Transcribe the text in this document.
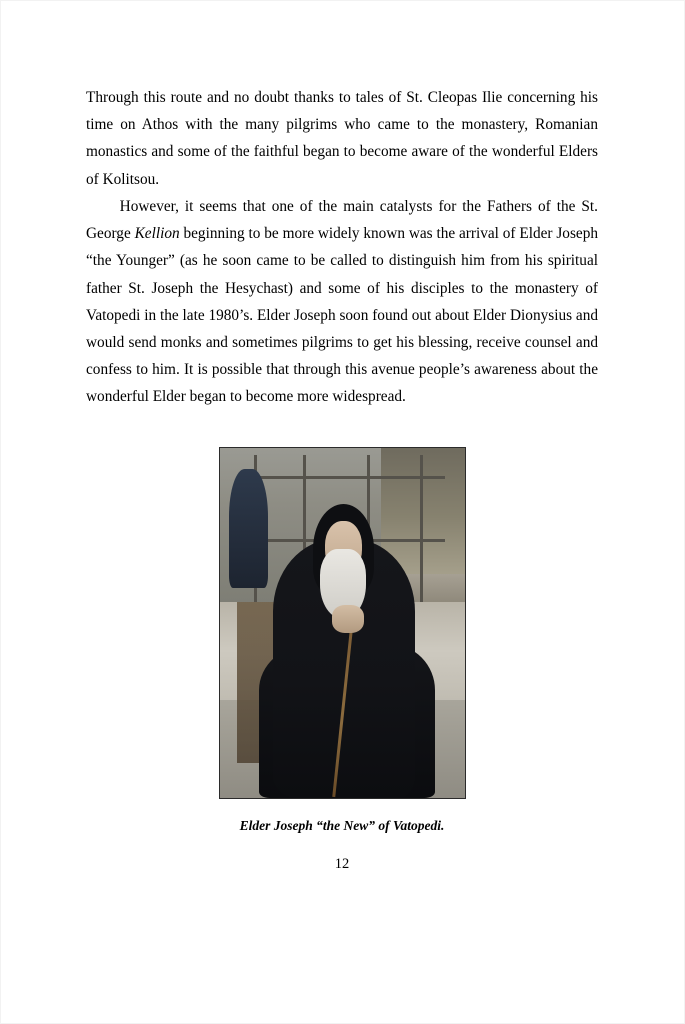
Through this route and no doubt thanks to tales of St. Cleopas Ilie concerning his time on Athos with the many pilgrims who came to the monastery, Romanian monastics and some of the faithful began to become aware of the wonderful Elders of Kolitsou.

However, it seems that one of the main catalysts for the Fathers of the St. George Kellion beginning to be more widely known was the arrival of Elder Joseph “the Younger” (as he soon came to be called to distinguish him from his spiritual father St. Joseph the Hesychast) and some of his disciples to the monastery of Vatopedi in the late 1980’s. Elder Joseph soon found out about Elder Dionysius and would send monks and sometimes pilgrims to get his blessing, receive counsel and confess to him. It is possible that through this avenue people’s awareness about the wonderful Elder began to become more widespread.

Elder Joseph “the New” of Vatopedi.
12
